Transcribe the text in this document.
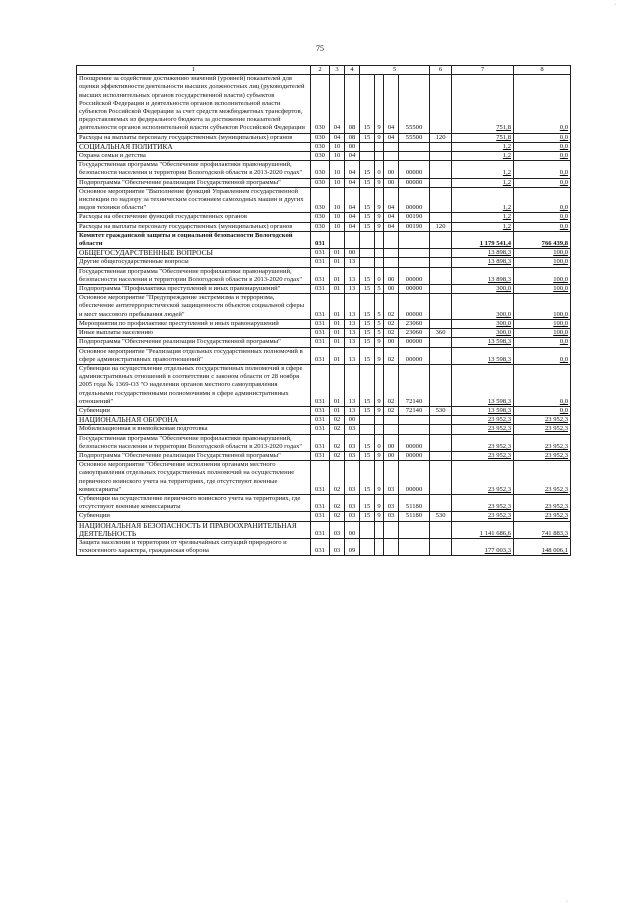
75
1	2	3	4	5				6	7	8
Поощрение за содействие достижению значений (уровней) показателей для оценки эффективности деятельности высших должностных лиц (руководителей высших исполнительных органов государственной власти) субъектов Российской Федерации и деятельности органов исполнительной власти субъектов Российской Федерации за счет средств межбюджетных трансфертов, предоставляемых из федерального бюджета за достижение показателей деятельности органов исполнительной власти субъектов Российской Федерации	030	04	08	15	9	04	55500		751,8	0,0
Расходы на выплаты персоналу государственных (муниципальных) органов	030	04	08	15	9	04	55500	120	751,8	0,0
СОЦИАЛЬНАЯ ПОЛИТИКА	030	10	00						1,2	0,0
Охрана семьи и детства	030	10	04						1,2	0,0
Государственная программа "Обеспечение профилактики правонарушений, безопасности населения и территории Вологодской области в 2013-2020 годах"	030	10	04	15	0	00	00000		1,2	0,0
Подпрограмма "Обеспечение реализации Государственной программы"	030	10	04	15	9	00	00000		1,2	0,0
Основное мероприятие "Выполнение функций Управлением государственной инспекции по надзору за техническим состоянием самоходных машин и других видов техники области"	030	10	04	15	9	04	00000		1,2	0,0
Расходы на обеспечение функций государственных органов	030	10	04	15	9	04	00190		1,2	0,0
Расходы на выплаты персоналу государственных (муниципальных) органов	030	10	04	15	9	04	00190	120	1,2	0,0
Комитет гражданской защиты и социальной безопасности Вологодской области	031								1 179 541,4	766 439,8
ОБЩЕГОСУДАРСТВЕННЫЕ ВОПРОСЫ	031	01	00						13 898,3	100,0
Другие общегосударственные вопросы	031	01	13						13 898,3	100,0
Государственная программа "Обеспечение профилактики правонарушений, безопасности населения и территории Вологодской области в 2013-2020 годах"	031	01	13	15	0	00	00000		13 898,3	100,0
Подпрограмма "Профилактика преступлений и иных правонарушений"	031	01	13	15	5	00	00000		300,0	100,0
Основное мероприятие "Предупреждение экстремизма и терроризма, обеспечение антитеррористической защищенности объектов социальной сферы и мест массового пребывания людей"	031	01	13	15	5	02	00000		300,0	100,0
Мероприятия по профилактике преступлений и иных правонарушений	031	01	13	15	5	02	23060		300,0	100,0
Иные выплаты населению	031	01	13	15	5	02	23060	360	300,0	100,0
Подпрограмма "Обеспечение реализации Государственной программы"	031	01	13	15	9	00	00000		13 598,3	0,0
Основное мероприятие "Реализация отдельных государственных полномочий в сфере административных правоотношений"	031	01	13	15	9	02	00000		13 598,3	0,0
Субвенции на осуществление отдельных государственных полномочий в сфере административных отношений в соответствии с законом области от 28 ноября 2005 года № 1369-ОЗ "О наделении органов местного самоуправления отдельными государственными полномочиями в сфере административных отношений"	031	01	13	15	9	02	72140		13 598,3	0,0
Субвенции	031	01	13	15	9	02	72140	530	13 598,3	0,0
НАЦИОНАЛЬНАЯ ОБОРОНА	031	02	00						23 952,3	23 952,3
Мобилизационная и вневойсковая подготовка	031	02	03						23 952,3	23 952,3
Государственная программа "Обеспечение профилактики правонарушений, безопасности населения и территории Вологодской области в 2013-2020 годах"	031	02	03	15	0	00	00000		23 952,3	23 952,3
Подпрограмма "Обеспечение реализации Государственной программы"	031	02	03	15	9	00	00000		23 952,3	23 952,3
Основное мероприятие "Обеспечение исполнения органами местного самоуправления отдельных государственных полномочий на осуществление первичного воинского учета на территориях, где отсутствуют военные комиссариаты"	031	02	03	15	9	03	00000		23 952,3	23 952,3
Субвенции на осуществление первичного воинского учета на территориях, где отсутствуют военные комиссариаты	031	02	03	15	9	03	51180		23 952,3	23 952,3
Субвенции	031	02	03	15	9	03	51180	530	23 952,3	23 952,3
НАЦИОНАЛЬНАЯ БЕЗОПАСНОСТЬ И ПРАВООХРАНИТЕЛЬНАЯ ДЕЯТЕЛЬНОСТЬ	031	03	00						1 141 686,6	741 883,3
Защита населения и территории от чрезвычайных ситуаций природного и техногенного характера, гражданская оборона	031	03	09						177 003,3	148 006,1
·
·
